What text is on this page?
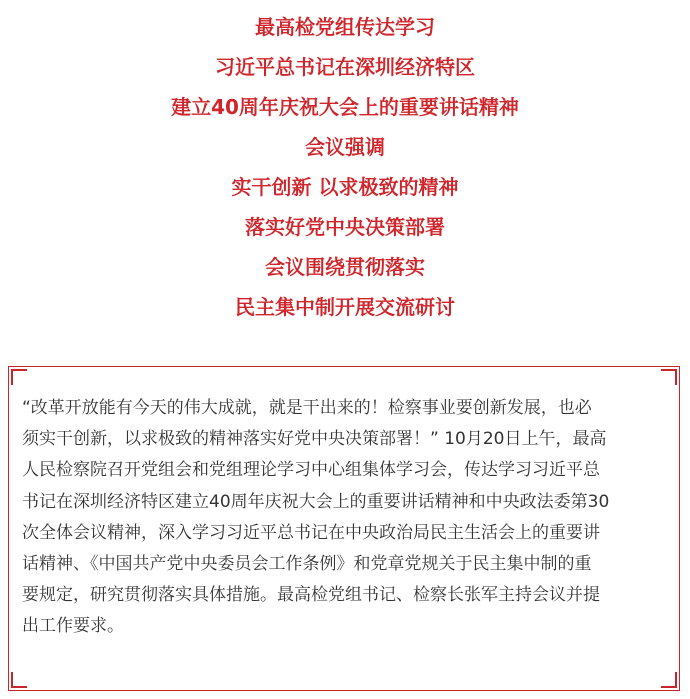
最高检党组传达学习
习近平总书记在深圳经济特区
建立40周年庆祝大会上的重要讲话精神
会议强调
实干创新 以求极致的精神
落实好党中央决策部署
会议围绕贯彻落实
民主集中制开展交流研讨
“改革开放能有今天的伟大成就，就是干出来的！检察事业要创新发展，也必
须实干创新，以求极致的精神落实好党中央决策部署！” 10月20日上午，最高
人民检察院召开党组会和党组理论学习中心组集体学习会，传达学习习近平总
书记在深圳经济特区建立40周年庆祝大会上的重要讲话精神和中央政法委第30
次全体会议精神，深入学习习近平总书记在中央政治局民主生活会上的重要讲
话精神、《中国共产党中央委员会工作条例》和党章党规关于民主集中制的重
要规定，研究贯彻落实具体措施。最高检党组书记、检察长张军主持会议并提
出工作要求。
